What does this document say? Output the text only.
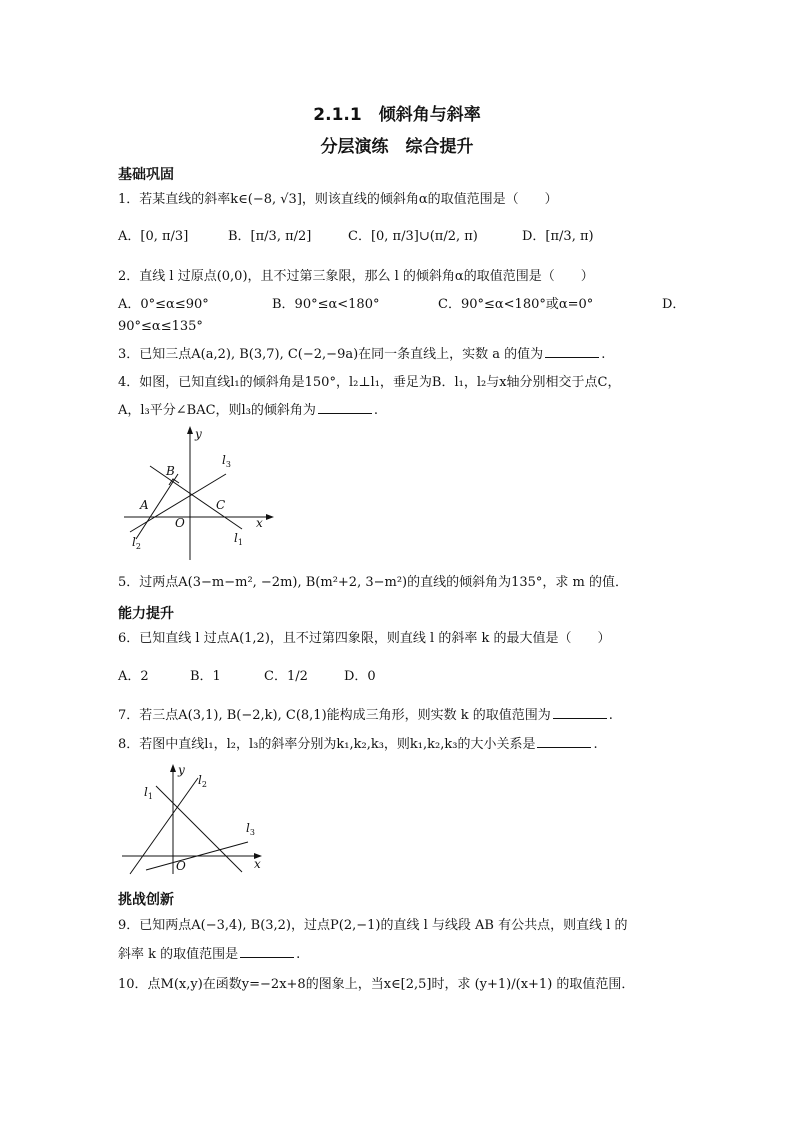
2.1.1　倾斜角与斜率
分层演练　综合提升
基础巩固
1．若某直线的斜率k∈(−8, √3]，则该直线的倾斜角α的取值范围是（　　）
A．[0, π/3]	B．[π/3, π/2]	C．[0, π/3]∪(π/2, π)	D．[π/3, π)
2．直线 l 过原点(0,0)，且不过第三象限，那么 l 的倾斜角α的取值范围是（　　）
A．0°≤α≤90°	B．90°≤α<180°	C．90°≤α<180°或α=0°	D．
90°≤α≤135°
3．已知三点A(a,2), B(3,7), C(−2,−9a)在同一条直线上，实数 a 的值为	.
4．如图，已知直线l₁的倾斜角是150°，l₂⊥l₁，垂足为B．l₁，l₂与x轴分别相交于点C，
A，l₃平分∠BAC，则l₃的倾斜角为	.
y
x
O
A
B
C
$l_1$
$l_2$
$l_3$
5．过两点A(3−m−m², −2m), B(m²+2, 3−m²)的直线的倾斜角为135°，求 m 的值．
能力提升
6．已知直线 l 过点A(1,2)，且不过第四象限，则直线 l 的斜率 k 的最大值是（　　）
A．2	B．1	C．1/2	D．0
7．若三点A(3,1), B(−2,k), C(8,1)能构成三角形，则实数 k 的取值范围为	.
8．若图中直线l₁，l₂，l₃的斜率分别为k₁,k₂,k₃，则k₁,k₂,k₃的大小关系是	.
y
x
O
$l_1$
$l_2$
$l_3$
挑战创新
9．已知两点A(−3,4), B(3,2)，过点P(2,−1)的直线 l 与线段 AB 有公共点，则直线 l 的
斜率 k 的取值范围是	.
10．点M(x,y)在函数y=−2x+8的图象上，当x∈[2,5]时，求 (y+1)/(x+1) 的取值范围．
